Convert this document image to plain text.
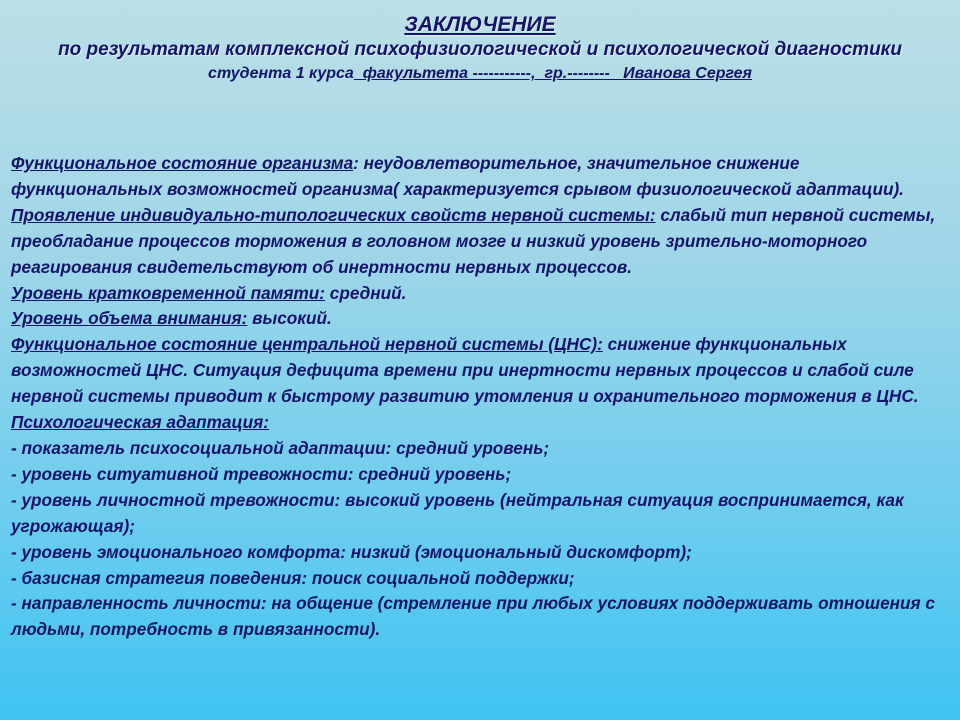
ЗАКЛЮЧЕНИЕ
по результатам комплексной психофизиологической и психологической диагностики
студента 1 курса  факультета -----------,  гр.--------   Иванова Сергея

Функциональное состояние организма: неудовлетворительное, значительное снижение функциональных возможностей организма( характеризуется срывом физиологической адаптации).

Проявление индивидуально-типологических свойств нервной системы: слабый тип нервной системы, преобладание процессов торможения в головном мозге и низкий уровень зрительно-моторного реагирования свидетельствуют об инертности нервных процессов.

Уровень кратковременной памяти: средний.

Уровень объема внимания: высокий.

Функциональное состояние центральной нервной системы (ЦНС): снижение функциональных возможностей ЦНС. Ситуация дефицита времени при инертности нервных процессов и слабой силе нервной системы приводит к быстрому развитию утомления и охранительного торможения в ЦНС.

Психологическая адаптация:

- показатель психосоциальной адаптации: средний уровень;

- уровень ситуативной тревожности: средний уровень;

- уровень личностной тревожности: высокий уровень (нейтральная ситуация воспринимается, как угрожающая);

- уровень эмоционального комфорта: низкий (эмоциональный дискомфорт);

- базисная стратегия поведения: поиск социальной поддержки;

- направленность личности: на общение (стремление при любых условиях поддерживать отношения с людьми, потребность в привязанности).
